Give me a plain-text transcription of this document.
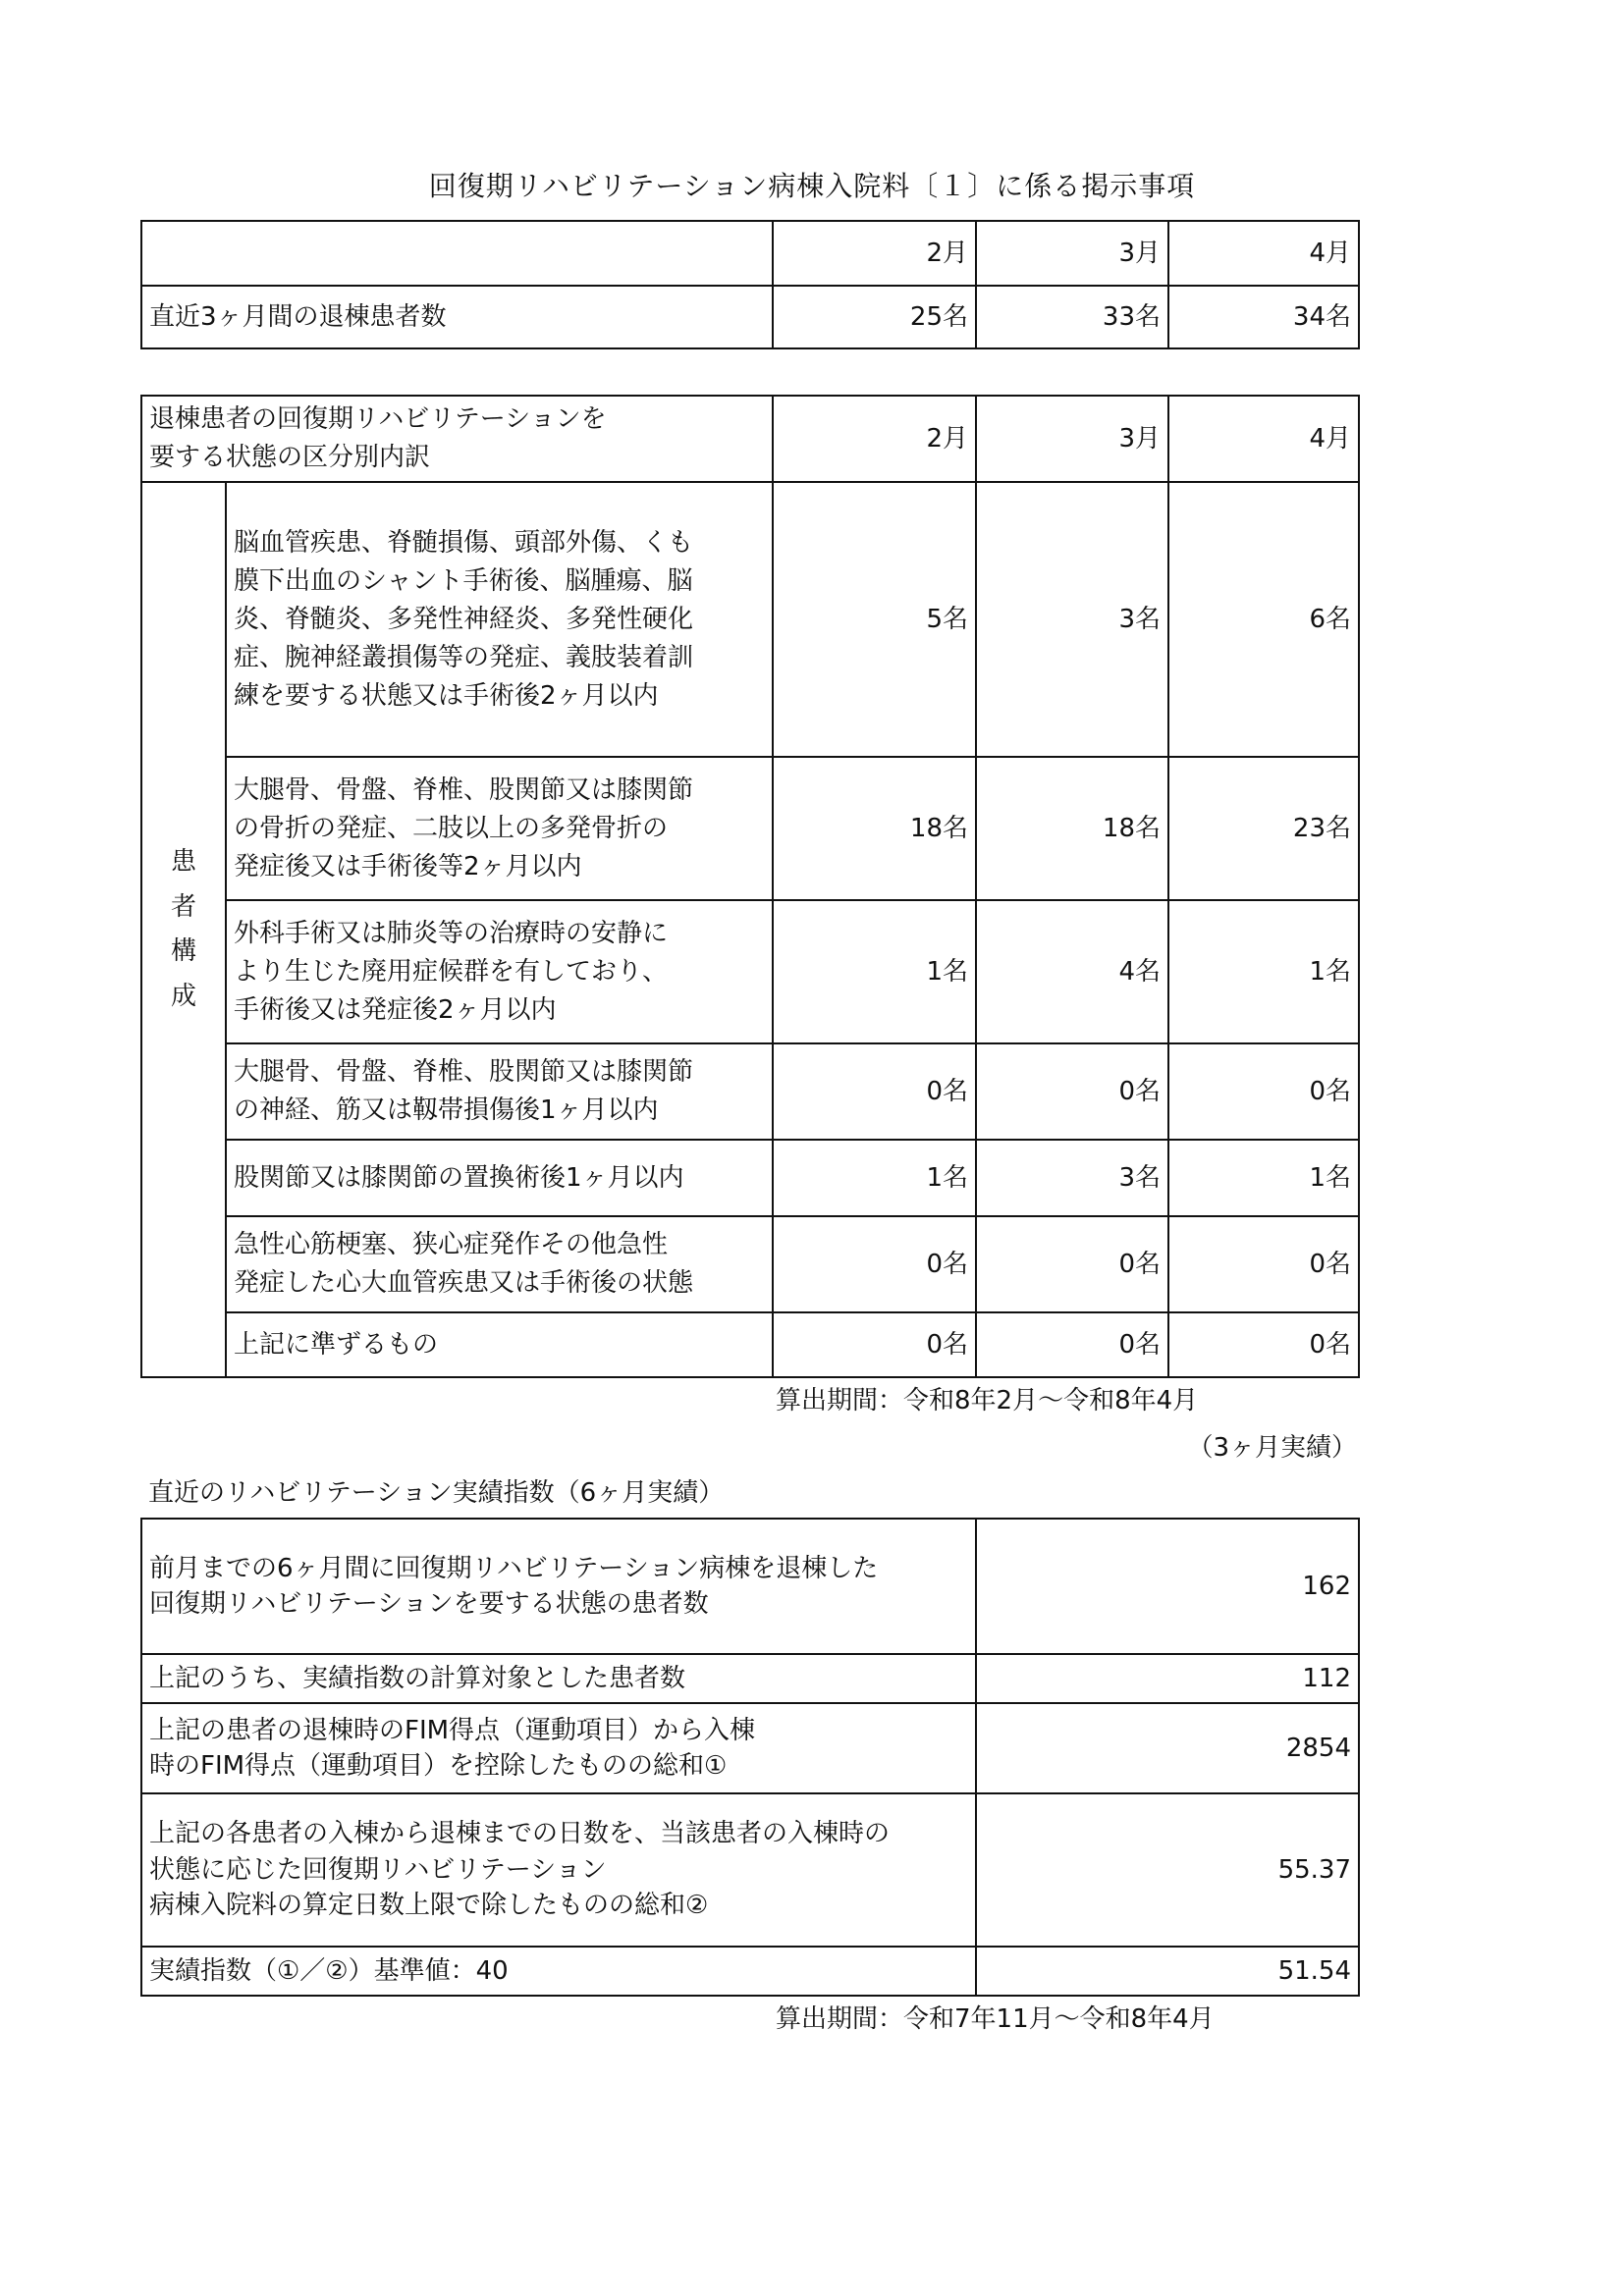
回復期リハビリテーション病棟入院料〔１〕に係る掲示事項
	2月	3月	4月
直近3ヶ月間の退棟患者数	25名	33名	34名
退棟患者の回復期リハビリテーションを
要する状態の区分別内訳		2月	3月	4月
患者構成	脳血管疾患、脊髄損傷、頭部外傷、くも
膜下出血のシャント手術後、脳腫瘍、脳
炎、脊髄炎、多発性神経炎、多発性硬化
症、腕神経叢損傷等の発症、義肢装着訓
練を要する状態又は手術後2ヶ月以内	5名	3名	6名

	大腿骨、骨盤、脊椎、股関節又は膝関節
の骨折の発症、二肢以上の多発骨折の
発症後又は手術後等2ヶ月以内	18名	18名	23名

	外科手術又は肺炎等の治療時の安静に
より生じた廃用症候群を有しており、
手術後又は発症後2ヶ月以内	1名	4名	1名

	大腿骨、骨盤、脊椎、股関節又は膝関節
の神経、筋又は靱帯損傷後1ヶ月以内	0名	0名	0名

	股関節又は膝関節の置換術後1ヶ月以内	1名	3名	1名

	急性心筋梗塞、狭心症発作その他急性
発症した心大血管疾患又は手術後の状態	0名	0名	0名

	上記に準ずるもの	0名	0名	0名
算出期間：令和8年2月～令和8年4月
（3ヶ月実績）
直近のリハビリテーション実績指数（6ヶ月実績）
前月までの6ヶ月間に回復期リハビリテーション病棟を退棟した
回復期リハビリテーションを要する状態の患者数	162

上記のうち、実績指数の計算対象とした患者数	112

上記の患者の退棟時のFIM得点（運動項目）から入棟
時のFIM得点（運動項目）を控除したものの総和①	2854

上記の各患者の入棟から退棟までの日数を、当該患者の入棟時の
状態に応じた回復期リハビリテーション
病棟入院料の算定日数上限で除したものの総和②	55.37

実績指数（①／②）基準値：40	51.54
算出期間：令和7年11月～令和8年4月
